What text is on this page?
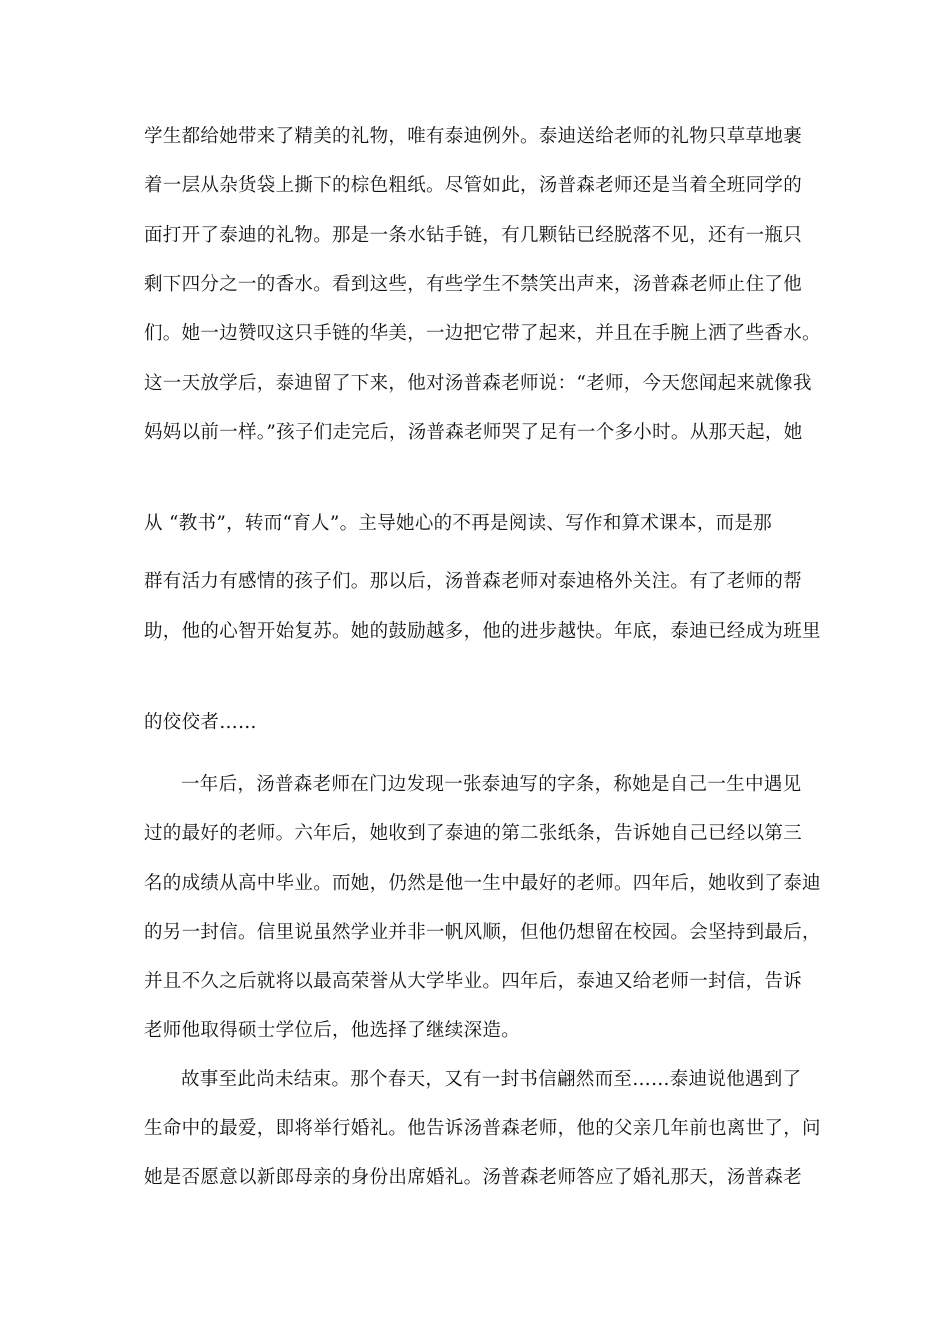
学生都给她带来了精美的礼物，唯有泰迪例外。泰迪送给老师的礼物只草草地裹
着一层从杂货袋上撕下的棕色粗纸。尽管如此，汤普森老师还是当着全班同学的
面打开了泰迪的礼物。那是一条水钻手链，有几颗钻已经脱落不见，还有一瓶只
剩下四分之一的香水。看到这些，有些学生不禁笑出声来，汤普森老师止住了他
们。她一边赞叹这只手链的华美，一边把它带了起来，并且在手腕上洒了些香水。
这一天放学后，泰迪留了下来，他对汤普森老师说：“老师，今天您闻起来就像我
妈妈以前一样。”孩子们走完后，汤普森老师哭了足有一个多小时。从那天起，她
从 “教书”，转而“育人”。主导她心的不再是阅读、写作和算术课本，而是那
群有活力有感情的孩子们。那以后，汤普森老师对泰迪格外关注。有了老师的帮
助，他的心智开始复苏。她的鼓励越多，他的进步越快。年底，泰迪已经成为班里
的佼佼者……
一年后，汤普森老师在门边发现一张泰迪写的字条，称她是自己一生中遇见
过的最好的老师。六年后，她收到了泰迪的第二张纸条，告诉她自己已经以第三
名的成绩从高中毕业。而她，仍然是他一生中最好的老师。四年后，她收到了泰迪
的另一封信。信里说虽然学业并非一帆风顺，但他仍想留在校园。会坚持到最后，
并且不久之后就将以最高荣誉从大学毕业。四年后，泰迪又给老师一封信，告诉
老师他取得硕士学位后，他选择了继续深造。
故事至此尚未结束。那个春天，又有一封书信翩然而至……泰迪说他遇到了
生命中的最爱，即将举行婚礼。他告诉汤普森老师，他的父亲几年前也离世了，问
她是否愿意以新郎母亲的身份出席婚礼。汤普森老师答应了婚礼那天，汤普森老
